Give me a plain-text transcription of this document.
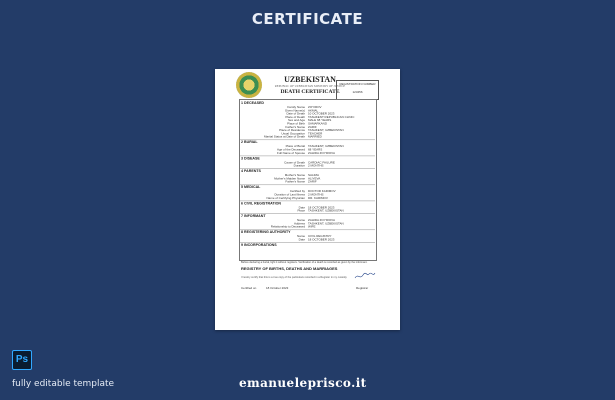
CERTIFICATE
UZBEKISTAN
REPUBLIC OF UZBEKISTAN MINISTRY OF JUSTICE
DEATH CERTIFICATE
REGISTRATION NUMBER
123456
1 DECEASED
Family Name ZOYIROV
Given Name(s) AKMAL
Date of Death 10 OCTOBER 2023
Place of Death TASHKENT REPUBLICAN CLINIC
Sex and Age MALE 68 YEARS
Place of Birth SAMARKAND
Father's Name ZARIF
Place of Residence TASHKENT, UZBEKISTAN
Usual Occupation TEACHER
Marital Status at Date of Death MARRIED
2 BURIAL
Place of Burial TASHKENT, UZBEKISTAN
Age of the Deceased 68 YEARS
Full Name of Spouse ZAHIDA ZOYIROVA
3 DISEASE
Cause of Death CARDIAC FAILURE
Duration 2 MONTHS
4 PARENTS
Mother's Name SALIMA
Mother's Maiden Name ALIYEVA
Father's Name ZARIF
5 MEDICAL
Certified by DOCTOR KARIMOV
Duration of Last Illness 2 MONTHS
Name of Certifying Physician DR. KARIMOV
6 CIVIL REGISTRATION
Date 18 OCTOBER 2023
Place TASHKENT, UZBEKISTAN
7 INFORMANT
Name ZAHIDA ZOYIROVA
Address TASHKENT, UZBEKISTAN
Relationship to Deceased WIFE
8 REGISTERING AUTHORITY
Name CIVIL REGISTRY
Date 18 OCTOBER 2023
9 INCORPORATIONS
Before declaring a burial, light it without registers. Verification of a death is recorded as given by the informant.
REGISTRY OF BIRTHS, DEATHS AND MARRIAGES
I hereby certify that this is a true copy of the particulars recorded in a Register in my custody.
Certified on	18 October 2023	Registrar
Ps
fully editable template	emanueleprisco.it
